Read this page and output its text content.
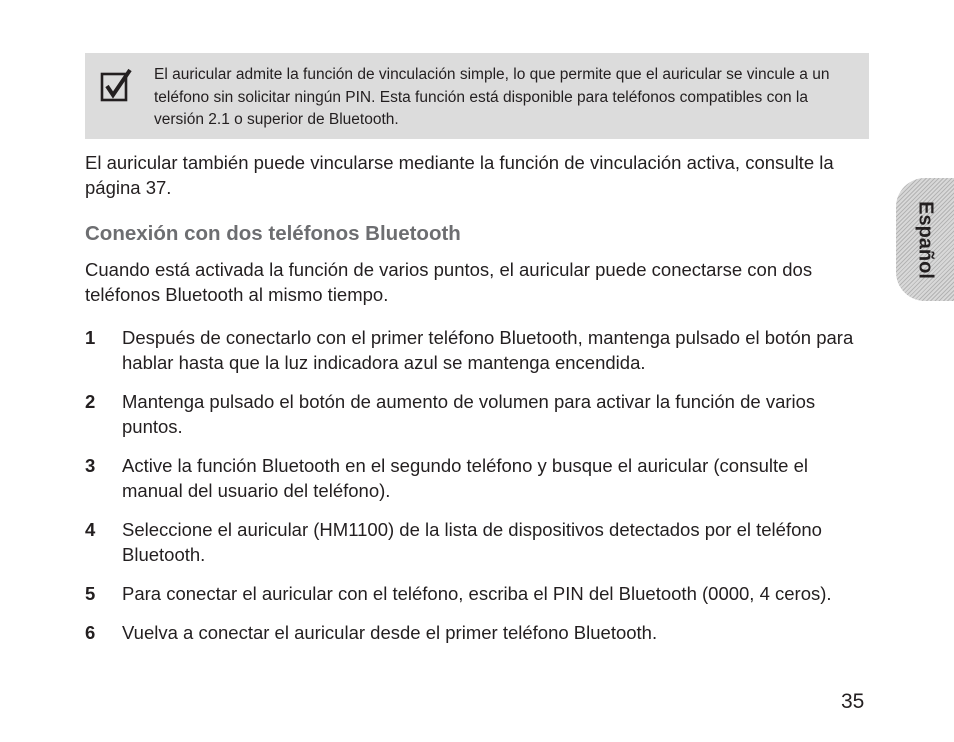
El auricular admite la función de vinculación simple, lo que permite que el auricular se vincule a un teléfono sin solicitar ningún PIN. Esta función está disponible para teléfonos compatibles con la versión 2.1 o superior de Bluetooth.

El auricular también puede vincularse mediante la función de vinculación activa, consulte la página 37.

Conexión con dos teléfonos Bluetooth

Cuando está activada la función de varios puntos, el auricular puede conectarse con dos teléfonos Bluetooth al mismo tiempo.

1 Después de conectarlo con el primer teléfono Bluetooth, mantenga pulsado el botón para hablar hasta que la luz indicadora azul se mantenga encendida.
2 Mantenga pulsado el botón de aumento de volumen para activar la función de varios puntos.
3 Active la función Bluetooth en el segundo teléfono y busque el auricular (consulte el manual del usuario del teléfono).
4 Seleccione el auricular (HM1100) de la lista de dispositivos detectados por el teléfono Bluetooth.
5 Para conectar el auricular con el teléfono, escriba el PIN del Bluetooth (0000, 4 ceros).
6 Vuelva a conectar el auricular desde el primer teléfono Bluetooth.
Español
35
